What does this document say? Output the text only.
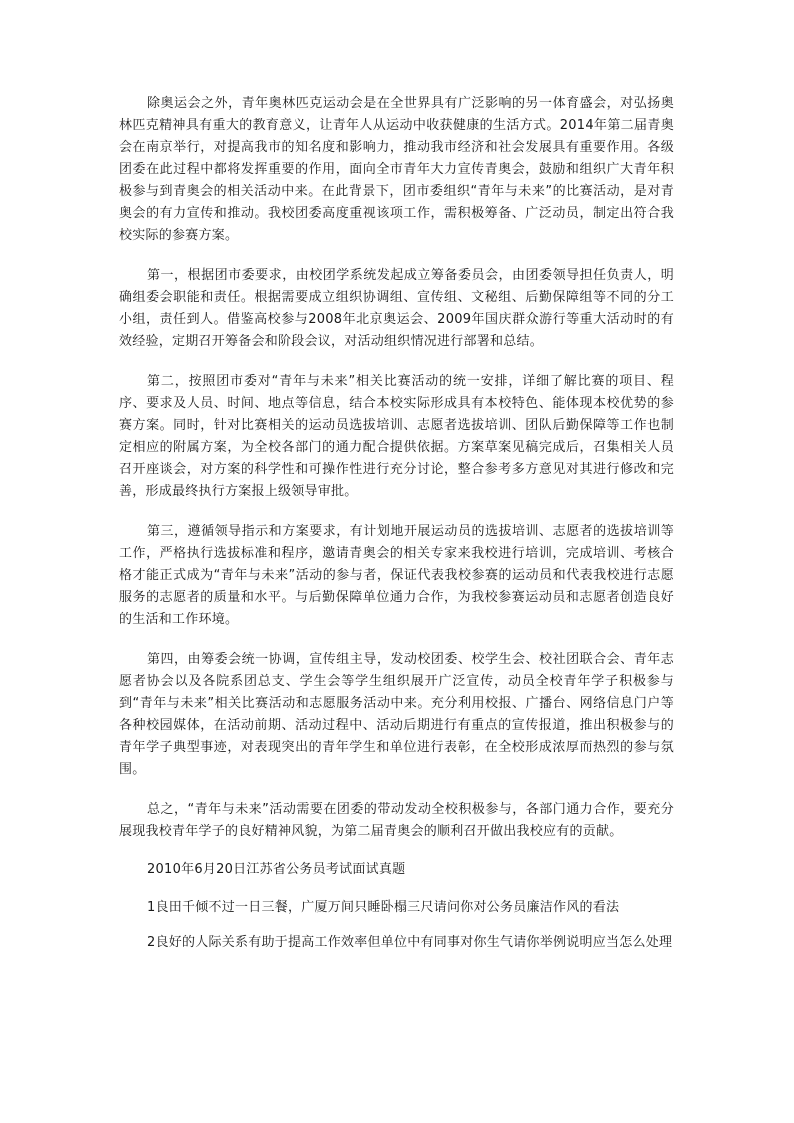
除奥运会之外，青年奥林匹克运动会是在全世界具有广泛影响的另一体育盛会，对弘扬奥林匹克精神具有重大的教育意义，让青年人从运动中收获健康的生活方式。2014年第二届青奥会在南京举行，对提高我市的知名度和影响力，推动我市经济和社会发展具有重要作用。各级团委在此过程中都将发挥重要的作用，面向全市青年大力宣传青奥会，鼓励和组织广大青年积极参与到青奥会的相关活动中来。在此背景下，团市委组织“青年与未来”的比赛活动，是对青奥会的有力宣传和推动。我校团委高度重视该项工作，需积极筹备、广泛动员，制定出符合我校实际的参赛方案。

第一，根据团市委要求，由校团学系统发起成立筹备委员会，由团委领导担任负责人，明确组委会职能和责任。根据需要成立组织协调组、宣传组、文秘组、后勤保障组等不同的分工小组，责任到人。借鉴高校参与2008年北京奥运会、2009年国庆群众游行等重大活动时的有效经验，定期召开筹备会和阶段会议，对活动组织情况进行部署和总结。

第二，按照团市委对“青年与未来”相关比赛活动的统一安排，详细了解比赛的项目、程序、要求及人员、时间、地点等信息，结合本校实际形成具有本校特色、能体现本校优势的参赛方案。同时，针对比赛相关的运动员选拔培训、志愿者选拔培训、团队后勤保障等工作也制定相应的附属方案，为全校各部门的通力配合提供依据。方案草案见稿完成后，召集相关人员召开座谈会，对方案的科学性和可操作性进行充分讨论，整合参考多方意见对其进行修改和完善，形成最终执行方案报上级领导审批。

第三，遵循领导指示和方案要求，有计划地开展运动员的选拔培训、志愿者的选拔培训等工作，严格执行选拔标准和程序，邀请青奥会的相关专家来我校进行培训，完成培训、考核合格才能正式成为“青年与未来”活动的参与者，保证代表我校参赛的运动员和代表我校进行志愿服务的志愿者的质量和水平。与后勤保障单位通力合作，为我校参赛运动员和志愿者创造良好的生活和工作环境。

第四，由筹委会统一协调，宣传组主导，发动校团委、校学生会、校社团联合会、青年志愿者协会以及各院系团总支、学生会等学生组织展开广泛宣传，动员全校青年学子积极参与到“青年与未来”相关比赛活动和志愿服务活动中来。充分利用校报、广播台、网络信息门户等各种校园媒体，在活动前期、活动过程中、活动后期进行有重点的宣传报道，推出积极参与的青年学子典型事迹，对表现突出的青年学生和单位进行表彰，在全校形成浓厚而热烈的参与氛围。

总之，“青年与未来”活动需要在团委的带动发动全校积极参与，各部门通力合作，要充分展现我校青年学子的良好精神风貌，为第二届青奥会的顺利召开做出我校应有的贡献。

2010年6月20日江苏省公务员考试面试真题

1良田千倾不过一日三餐，广厦万间只睡卧榻三尺请问你对公务员廉洁作风的看法

2良好的人际关系有助于提高工作效率但单位中有同事对你生气请你举例说明应当怎么处理
